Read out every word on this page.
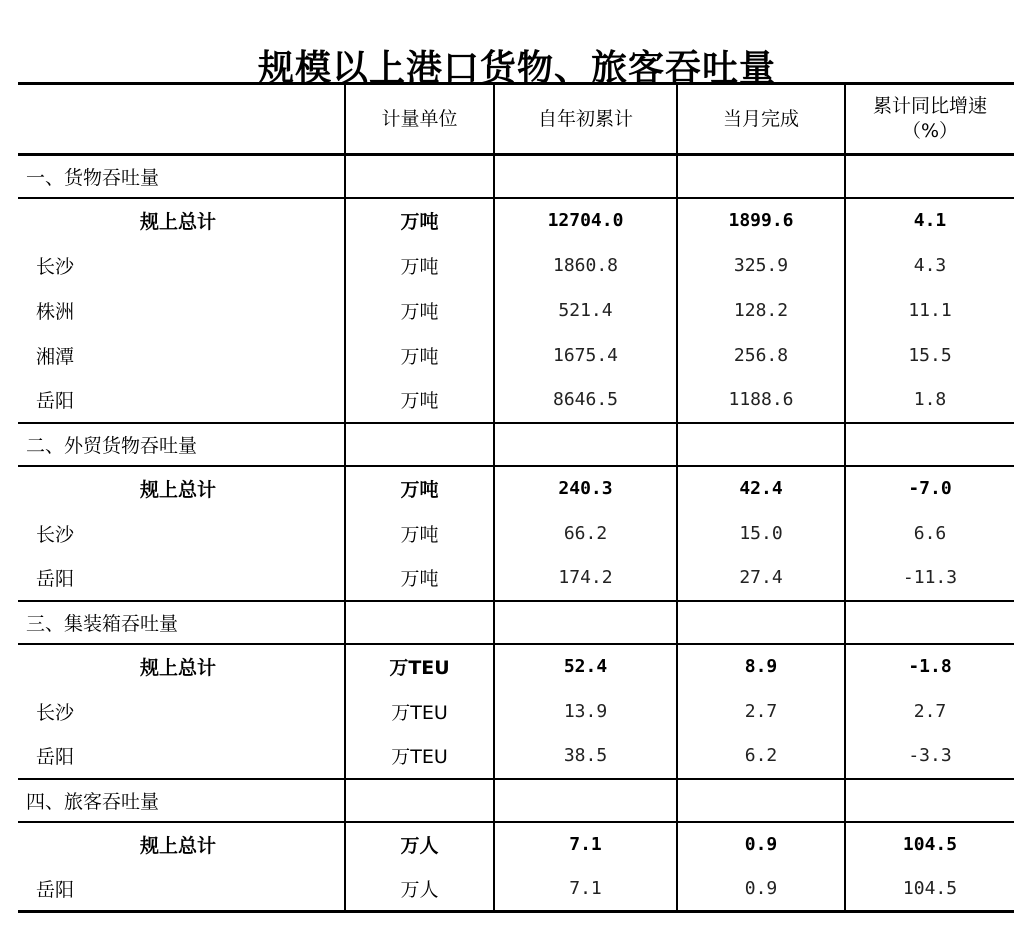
规模以上港口货物、旅客吞吐量
	计量单位	自年初累计	当月完成	累计同比增速
（%）

一、货物吞吐量				
规上总计	万吨	12704.0	1899.6	4.1
长沙	万吨	1860.8	325.9	4.3
株洲	万吨	521.4	128.2	11.1
湘潭	万吨	1675.4	256.8	15.5
岳阳	万吨	8646.5	1188.6	1.8
二、外贸货物吞吐量				
规上总计	万吨	240.3	42.4	-7.0
长沙	万吨	66.2	15.0	6.6
岳阳	万吨	174.2	27.4	-11.3
三、集装箱吞吐量				
规上总计	万TEU	52.4	8.9	-1.8
长沙	万TEU	13.9	2.7	2.7
岳阳	万TEU	38.5	6.2	-3.3
四、旅客吞吐量				
规上总计	万人	7.1	0.9	104.5
岳阳	万人	7.1	0.9	104.5
